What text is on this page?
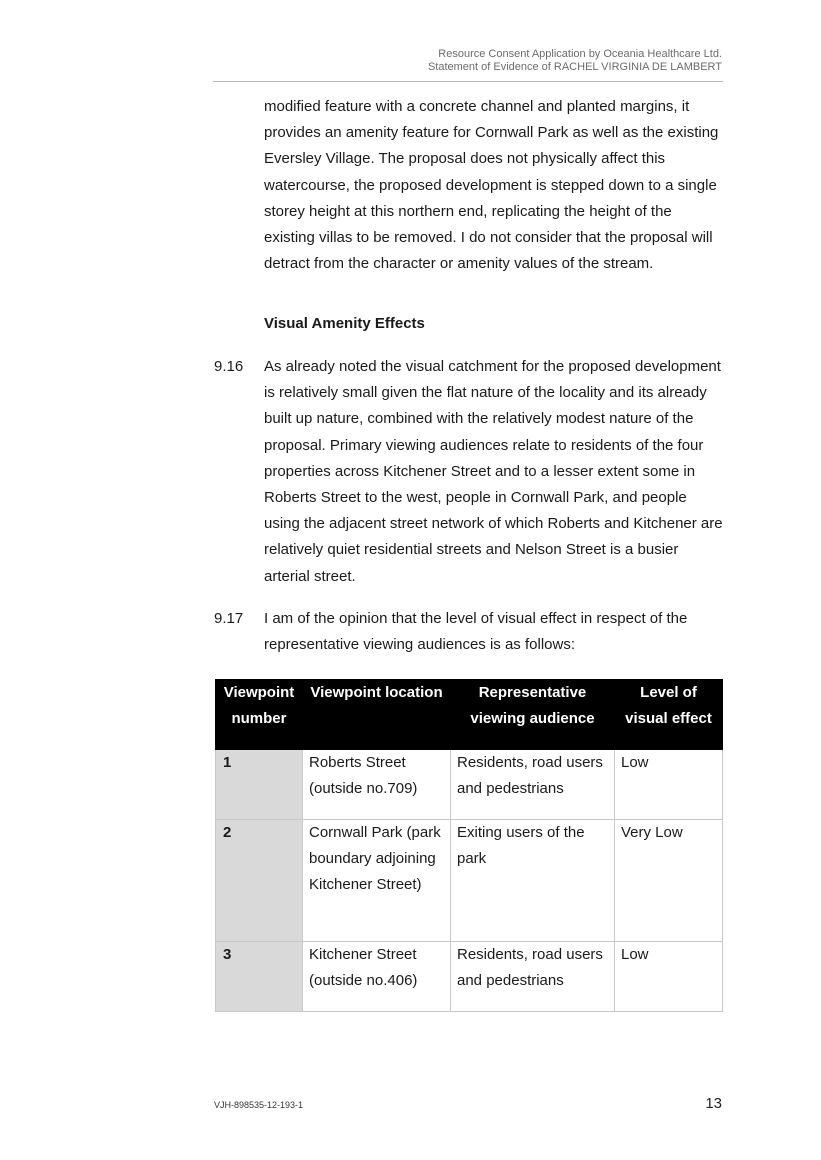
Resource Consent Application by Oceania Healthcare Ltd.
Statement of Evidence of RACHEL VIRGINIA DE LAMBERT
modified feature with a concrete channel and planted margins, it provides an amenity feature for Cornwall Park as well as the existing Eversley Village. The proposal does not physically affect this watercourse, the proposed development is stepped down to a single storey height at this northern end, replicating the height of the existing villas to be removed. I do not consider that the proposal will detract from the character or amenity values of the stream.
Visual Amenity Effects
9.16 As already noted the visual catchment for the proposed development is relatively small given the flat nature of the locality and its already built up nature, combined with the relatively modest nature of the proposal. Primary viewing audiences relate to residents of the four properties across Kitchener Street and to a lesser extent some in Roberts Street to the west, people in Cornwall Park, and people using the adjacent street network of which Roberts and Kitchener are relatively quiet residential streets and Nelson Street is a busier arterial street.
9.17 I am of the opinion that the level of visual effect in respect of the representative viewing audiences is as follows:
Viewpoint number	Viewpoint location	Representative viewing audience	Level of visual effect
1	Roberts Street (outside no.709)	Residents, road users and pedestrians	Low
2	Cornwall Park (park boundary adjoining Kitchener Street)	Exiting users of the park	Very Low
3	Kitchener Street (outside no.406)	Residents, road users and pedestrians	Low
VJH-898535-12-193-1	13
